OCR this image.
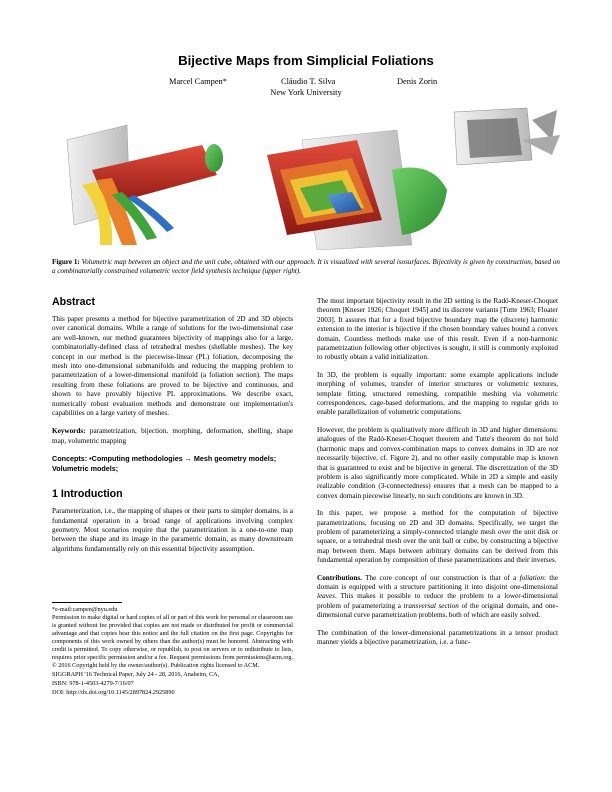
Bijective Maps from Simplicial Foliations
Marcel Campen*	Cláudio T. Silva	Denis Zorin
New York University
Figure 1: Volumetric map between an object and the unit cube, obtained with our approach. It is visualized with several isosurfaces. Bijectivity is given by construction, based on a combinatorially constrained volumetric vector field synthesis technique (upper right).
Abstract
This paper presents a method for bijective parametrization of 2D and 3D objects over canonical domains. While a range of solutions for the two-dimensional case are well-known, our method guarantees bijectivity of mappings also for a large, combinatorially-defined class of tetrahedral meshes (shellable meshes). The key concept in our method is the piecewise-linear (PL) foliation, decomposing the mesh into one-dimensional submanifolds and reducing the mapping problem to parametrization of a lower-dimensional manifold (a foliation section). The maps resulting from these foliations are proved to be bijective and continuous, and shown to have provably bijective PL approximations. We describe exact, numerically robust evaluation methods and demonstrate our implementation's capabilities on a large variety of meshes.
Keywords: parametrization, bijection, morphing, deformation, shelling, shape map, volumetric mapping
Concepts: •Computing methodologies → Mesh geometry models; Volumetric models;
1 Introduction
Parameterization, i.e., the mapping of shapes or their parts to simpler domains, is a fundamental operation in a broad range of applications involving complex geometry. Most scenarios require that the parametrization is a one-to-one map between the shape and its image in the parametric domain, as many downstream algorithms fundamentally rely on this essential bijectivity assumption.
*e-mail:campen@nyu.edu
Permission to make digital or hard copies of all or part of this work for personal or classroom use is granted without fee provided that copies are not made or distributed for profit or commercial advantage and that copies bear this notice and the full citation on the first page. Copyrights for components of this work owned by others than the author(s) must be honored. Abstracting with credit is permitted. To copy otherwise, or republish, to post on servers or to redistribute to lists, requires prior specific permission and/or a fee. Request permissions from permissions@acm.org. © 2016 Copyright held by the owner/author(s). Publication rights licensed to ACM.
SIGGRAPH '16 Technical Paper, July 24 - 28, 2016, Anaheim, CA,
ISBN: 978-1-4503-4279-7/16/07
DOI: http://dx.doi.org/10.1145/2897824.2925890
The most important bijectivity result in the 2D setting is the Radó-Kneser-Choquet theorem [Kneser 1926; Choquet 1945] and its discrete variants [Tutte 1963; Floater 2003]. It assures that for a fixed bijective boundary map the (discrete) harmonic extension to the interior is bijective if the chosen boundary values bound a convex domain. Countless methods make use of this result. Even if a non-harmonic parametrization following other objectives is sought, it still is commonly exploited to robustly obtain a valid initialization.
In 3D, the problem is equally important: some example applications include morphing of volumes, transfer of interior structures or volumetric textures, template fitting, structured remeshing, compatible meshing via volumetric correspondences, cage-based deformations, and the mapping to regular grids to enable parallelization of volumetric computations.
However, the problem is qualitatively more difficult in 3D and higher dimensions: analogues of the Radó-Kneser-Choquet theorem and Tutte's theorem do not hold (harmonic maps and convex-combination maps to convex domains in 3D are not necessarily bijective, cf. Figure 2), and no other easily computable map is known that is guaranteed to exist and be bijective in general. The discretization of the 3D problem is also significantly more complicated. While in 2D a simple and easily realizable condition (3-connectedness) ensures that a mesh can be mapped to a convex domain piecewise linearly, no such conditions are known in 3D.
In this paper, we propose a method for the computation of bijective parametrizations, focusing on 2D and 3D domains. Specifically, we target the problem of parameterizing a simply-connected triangle mesh over the unit disk or square, or a tetrahedral mesh over the unit ball or cube, by constructing a bijective map between them. Maps between arbitrary domains can be derived from this fundamental operation by composition of these parametrizations and their inverses.
Contributions. The core concept of our construction is that of a foliation: the domain is equipped with a structure partitioning it into disjoint one-dimensional leaves. This makes it possible to reduce the problem to a lower-dimensional problem of parameterizing a transversal section of the original domain, and one-dimensional curve parametrization problems, both of which are easily solved.
The combination of the lower-dimensional parametrizations in a tensor product manner yields a bijective parametrization, i.e. a func-
